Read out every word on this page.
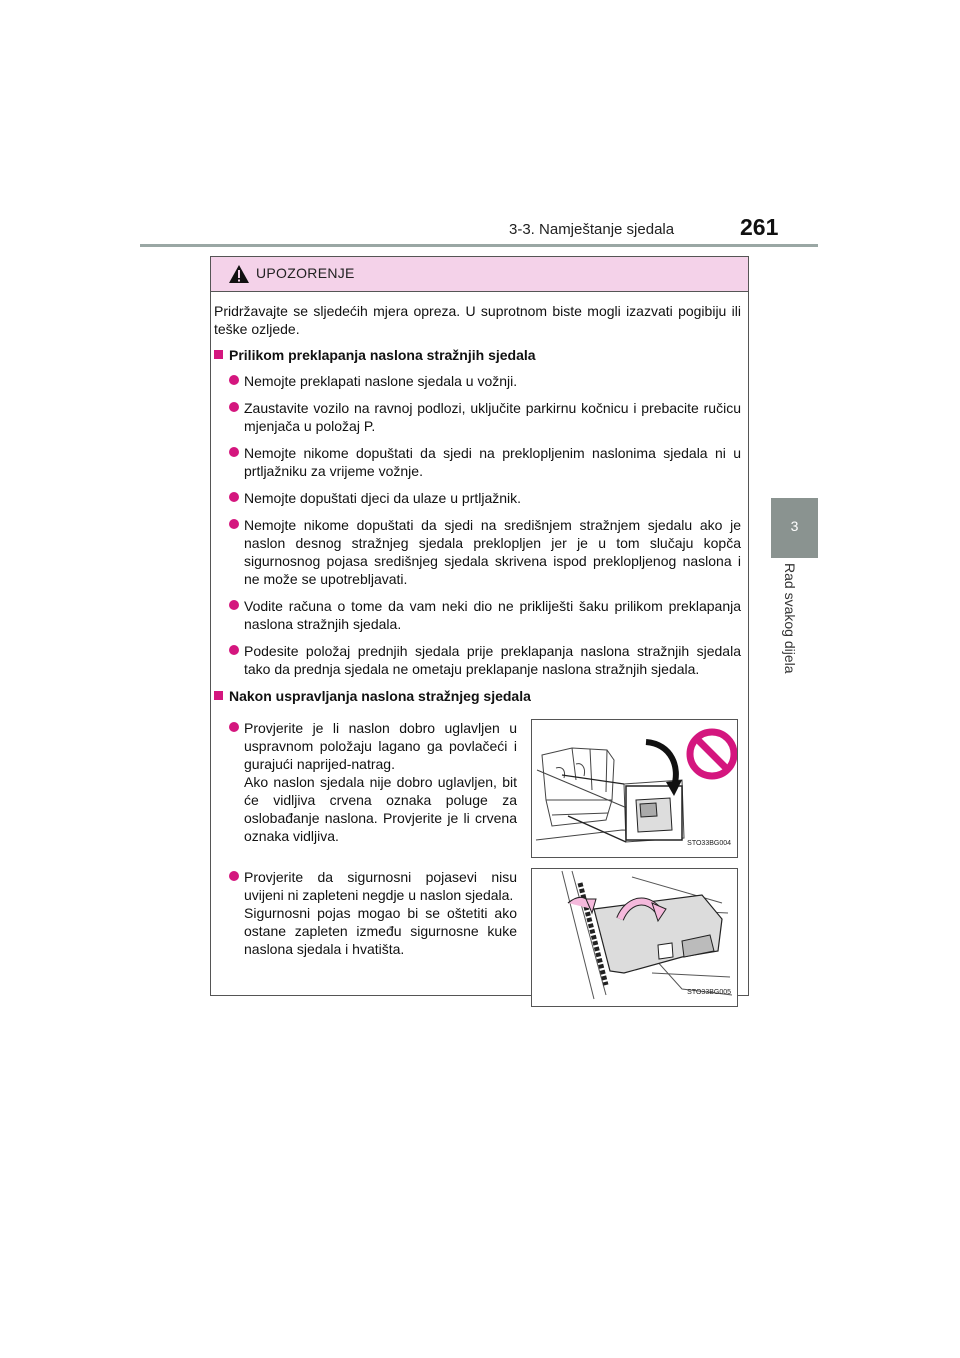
3-3. Namještanje sjedala	261
3
Rad svakog dijela
UPOZORENJE

Pridržavajte se sljedećih mjera opreza. U suprotnom biste mogli izazvati pogibiju ili teške ozljede.

Prilikom preklapanja naslona stražnjih sjedala
Nemojte preklapati naslone sjedala u vožnji.
Zaustavite vozilo na ravnoj podlozi, uključite parkirnu kočnicu i prebacite ručicu mjenjača u položaj P.
Nemojte nikome dopuštati da sjedi na preklopljenim naslonima sjedala ni u prtljažniku za vrijeme vožnje.
Nemojte dopuštati djeci da ulaze u prtljažnik.
Nemojte nikome dopuštati da sjedi na središnjem stražnjem sjedalu ako je naslon desnog stražnjeg sjedala preklopljen jer je u tom slučaju kopča sigurnosnog pojasa središnjeg sjedala skrivena ispod preklopljenog naslona i ne može se upotrebljavati.
Vodite računa o tome da vam neki dio ne prikliješti šaku prilikom preklapanja naslona stražnjih sjedala.
Podesite položaj prednjih sjedala prije preklapanja naslona stražnjih sjedala tako da prednja sjedala ne ometaju preklapanje naslona stražnjih sjedala.
Nakon uspravljanja naslona stražnjeg sjedala
Provjerite je li naslon dobro uglavljen u uspravnom položaju lagano ga povlačeći i gurajući naprijed-natrag.
Ako naslon sjedala nije dobro uglavljen, bit će vidljiva crvena oznaka poluge za oslobađanje naslona. Provjerite je li crvena oznaka vidljiva.	STO33BG004
Provjerite da sigurnosni pojasevi nisu uvijeni ni zapleteni negdje u naslon sjedala.
Sigurnosni pojas mogao bi se oštetiti ako ostane zapleten između sigurnosne kuke naslona sjedala i hvatišta.
STO33BG005
